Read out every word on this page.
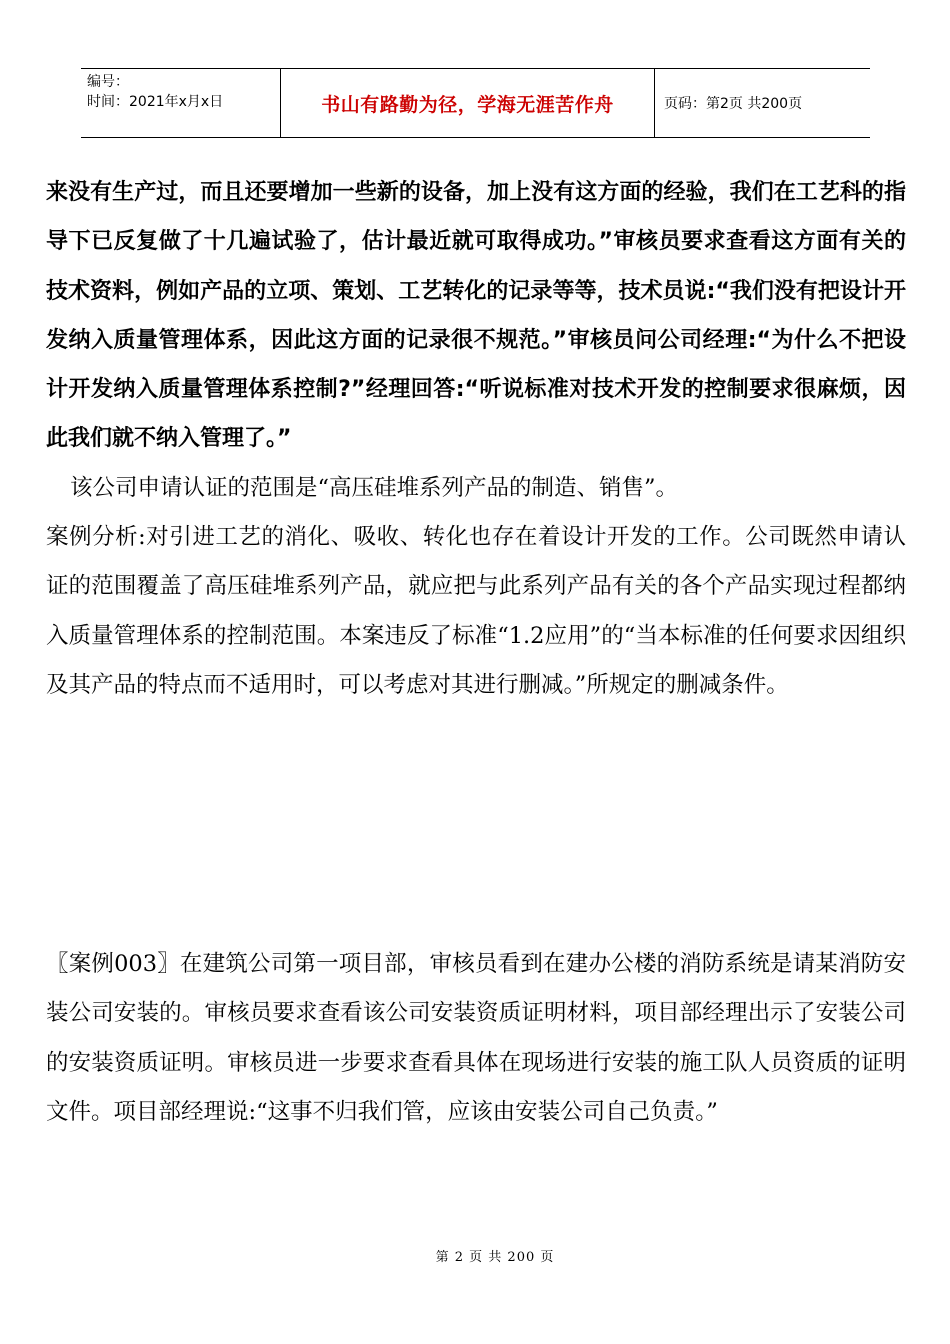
编号：
时间：2021年x月x日	书山有路勤为径，学海无涯苦作舟	页码：第2页 共200页

来没有生产过，而且还要增加一些新的设备，加上没有这方面的经验，我们在工艺科的指导下已反复做了十几遍试验了，估计最近就可取得成功。”审核员要求查看这方面有关的技术资料，例如产品的立项、策划、工艺转化的记录等等，技术员说:“我们没有把设计开发纳入质量管理体系，因此这方面的记录很不规范。”审核员问公司经理:“为什么不把设计开发纳入质量管理体系控制?”经理回答:“听说标准对技术开发的控制要求很麻烦，因此我们就不纳入管理了。”

该公司申请认证的范围是“高压硅堆系列产品的制造、销售”。

案例分析:对引进工艺的消化、吸收、转化也存在着设计开发的工作。公司既然申请认证的范围覆盖了高压硅堆系列产品，就应把与此系列产品有关的各个产品实现过程都纳入质量管理体系的控制范围。本案违反了标准“1.2应用”的“当本标准的任何要求因组织及其产品的特点而不适用时，可以考虑对其进行删减。”所规定的删减条件。

〖案例003〗在建筑公司第一项目部，审核员看到在建办公楼的消防系统是请某消防安装公司安装的。审核员要求查看该公司安装资质证明材料，项目部经理出示了安装公司的安装资质证明。审核员进一步要求查看具体在现场进行安装的施工队人员资质的证明文件。项目部经理说:“这事不归我们管，应该由安装公司自己负责。”

第 2 页 共 200 页
